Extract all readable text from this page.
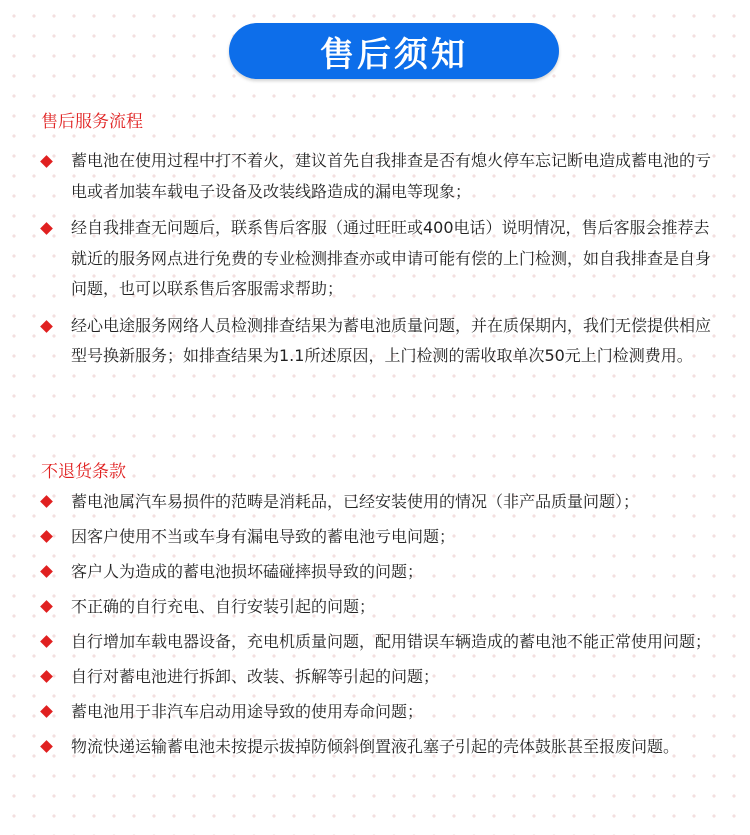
售后须知
售后服务流程
蓄电池在使用过程中打不着火，建议首先自我排查是否有熄火停车忘记断电造成蓄电池的亏电或者加装车载电子设备及改装线路造成的漏电等现象；
经自我排查无问题后，联系售后客服（通过旺旺或400电话）说明情况，售后客服会推荐去就近的服务网点进行免费的专业检测排查亦或申请可能有偿的上门检测，如自我排查是自身问题，也可以联系售后客服需求帮助；
经心电途服务网络人员检测排查结果为蓄电池质量问题，并在质保期内，我们无偿提供相应型号换新服务；如排查结果为1.1所述原因，上门检测的需收取单次50元上门检测费用。
不退货条款
蓄电池属汽车易损件的范畴是消耗品，已经安装使用的情况（非产品质量问题）；
因客户使用不当或车身有漏电导致的蓄电池亏电问题；
客户人为造成的蓄电池损坏磕碰摔损导致的问题；
不正确的自行充电、自行安装引起的问题；
自行增加车载电器设备，充电机质量问题，配用错误车辆造成的蓄电池不能正常使用问题；
自行对蓄电池进行拆卸、改装、拆解等引起的问题；
蓄电池用于非汽车启动用途导致的使用寿命问题；
物流快递运输蓄电池未按提示拔掉防倾斜倒置液孔塞子引起的壳体鼓胀甚至报废问题。
